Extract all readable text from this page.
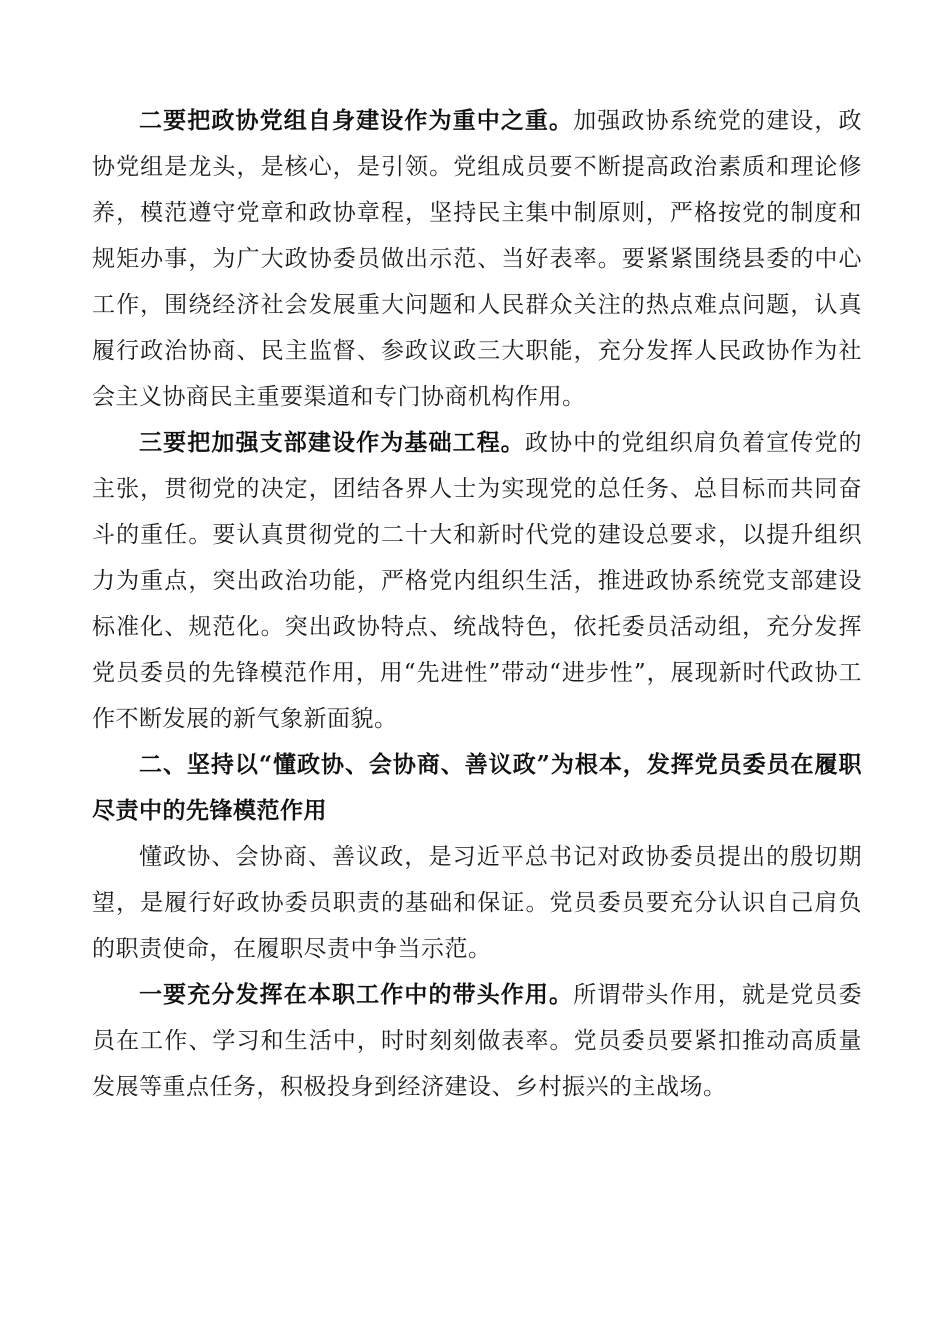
二要把政协党组自身建设作为重中之重。加强政协系统党的建设，政协党组是龙头，是核心，是引领。党组成员要不断提高政治素质和理论修养，模范遵守党章和政协章程，坚持民主集中制原则，严格按党的制度和规矩办事，为广大政协委员做出示范、当好表率。要紧紧围绕县委的中心工作，围绕经济社会发展重大问题和人民群众关注的热点难点问题，认真履行政治协商、民主监督、参政议政三大职能，充分发挥人民政协作为社会主义协商民主重要渠道和专门协商机构作用。

三要把加强支部建设作为基础工程。政协中的党组织肩负着宣传党的主张，贯彻党的决定，团结各界人士为实现党的总任务、总目标而共同奋斗的重任。要认真贯彻党的二十大和新时代党的建设总要求，以提升组织力为重点，突出政治功能，严格党内组织生活，推进政协系统党支部建设标准化、规范化。突出政协特点、统战特色，依托委员活动组，充分发挥党员委员的先锋模范作用，用“先进性”带动“进步性”，展现新时代政协工作不断发展的新气象新面貌。

二、坚持以“懂政协、会协商、善议政”为根本，发挥党员委员在履职尽责中的先锋模范作用

懂政协、会协商、善议政，是习近平总书记对政协委员提出的殷切期望，是履行好政协委员职责的基础和保证。党员委员要充分认识自己肩负的职责使命，在履职尽责中争当示范。

一要充分发挥在本职工作中的带头作用。所谓带头作用，就是党员委员在工作、学习和生活中，时时刻刻做表率。党员委员要紧扣推动高质量发展等重点任务，积极投身到经济建设、乡村振兴的主战场。
